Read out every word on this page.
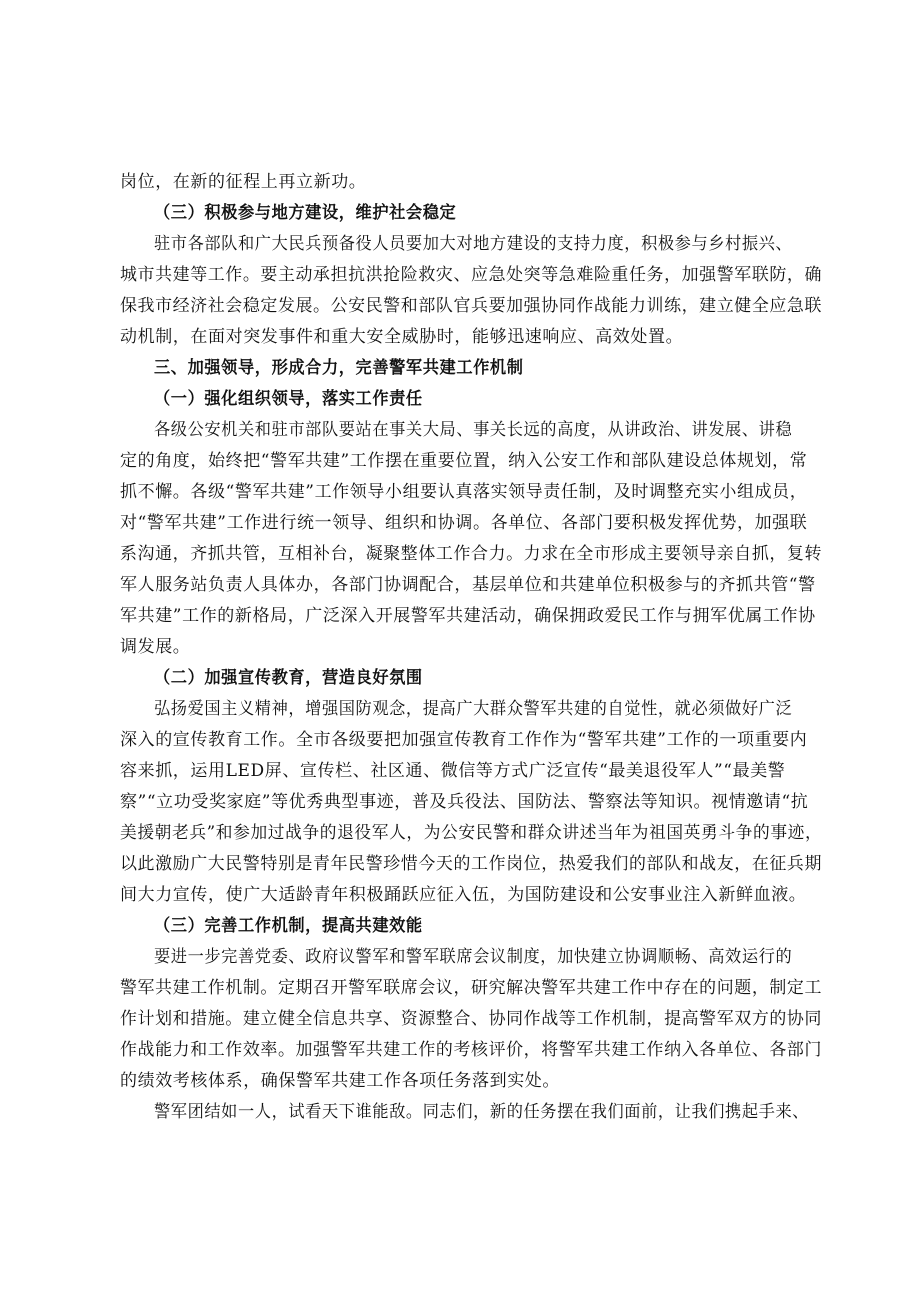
岗位，在新的征程上再立新功。
（三）积极参与地方建设，维护社会稳定
驻市各部队和广大民兵预备役人员要加大对地方建设的支持力度，积极参与乡村振兴、
城市共建等工作。要主动承担抗洪抢险救灾、应急处突等急难险重任务，加强警军联防，确
保我市经济社会稳定发展。公安民警和部队官兵要加强协同作战能力训练，建立健全应急联
动机制，在面对突发事件和重大安全威胁时，能够迅速响应、高效处置。
三、加强领导，形成合力，完善警军共建工作机制
（一）强化组织领导，落实工作责任
各级公安机关和驻市部队要站在事关大局、事关长远的高度，从讲政治、讲发展、讲稳
定的角度，始终把“警军共建”工作摆在重要位置，纳入公安工作和部队建设总体规划，常
抓不懈。各级“警军共建”工作领导小组要认真落实领导责任制，及时调整充实小组成员，
对“警军共建”工作进行统一领导、组织和协调。各单位、各部门要积极发挥优势，加强联
系沟通，齐抓共管，互相补台，凝聚整体工作合力。力求在全市形成主要领导亲自抓，复转
军人服务站负责人具体办，各部门协调配合，基层单位和共建单位积极参与的齐抓共管“警
军共建”工作的新格局，广泛深入开展警军共建活动，确保拥政爱民工作与拥军优属工作协
调发展。
（二）加强宣传教育，营造良好氛围
弘扬爱国主义精神，增强国防观念，提高广大群众警军共建的自觉性，就必须做好广泛
深入的宣传教育工作。全市各级要把加强宣传教育工作作为“警军共建”工作的一项重要内
容来抓，运用LED屏、宣传栏、社区通、微信等方式广泛宣传“最美退役军人”“最美警
察”“立功受奖家庭”等优秀典型事迹，普及兵役法、国防法、警察法等知识。视情邀请“抗
美援朝老兵”和参加过战争的退役军人，为公安民警和群众讲述当年为祖国英勇斗争的事迹，
以此激励广大民警特别是青年民警珍惜今天的工作岗位，热爱我们的部队和战友，在征兵期
间大力宣传，使广大适龄青年积极踊跃应征入伍，为国防建设和公安事业注入新鲜血液。
（三）完善工作机制，提高共建效能
要进一步完善党委、政府议警军和警军联席会议制度，加快建立协调顺畅、高效运行的
警军共建工作机制。定期召开警军联席会议，研究解决警军共建工作中存在的问题，制定工
作计划和措施。建立健全信息共享、资源整合、协同作战等工作机制，提高警军双方的协同
作战能力和工作效率。加强警军共建工作的考核评价，将警军共建工作纳入各单位、各部门
的绩效考核体系，确保警军共建工作各项任务落到实处。
警军团结如一人，试看天下谁能敌。同志们，新的任务摆在我们面前，让我们携起手来、
